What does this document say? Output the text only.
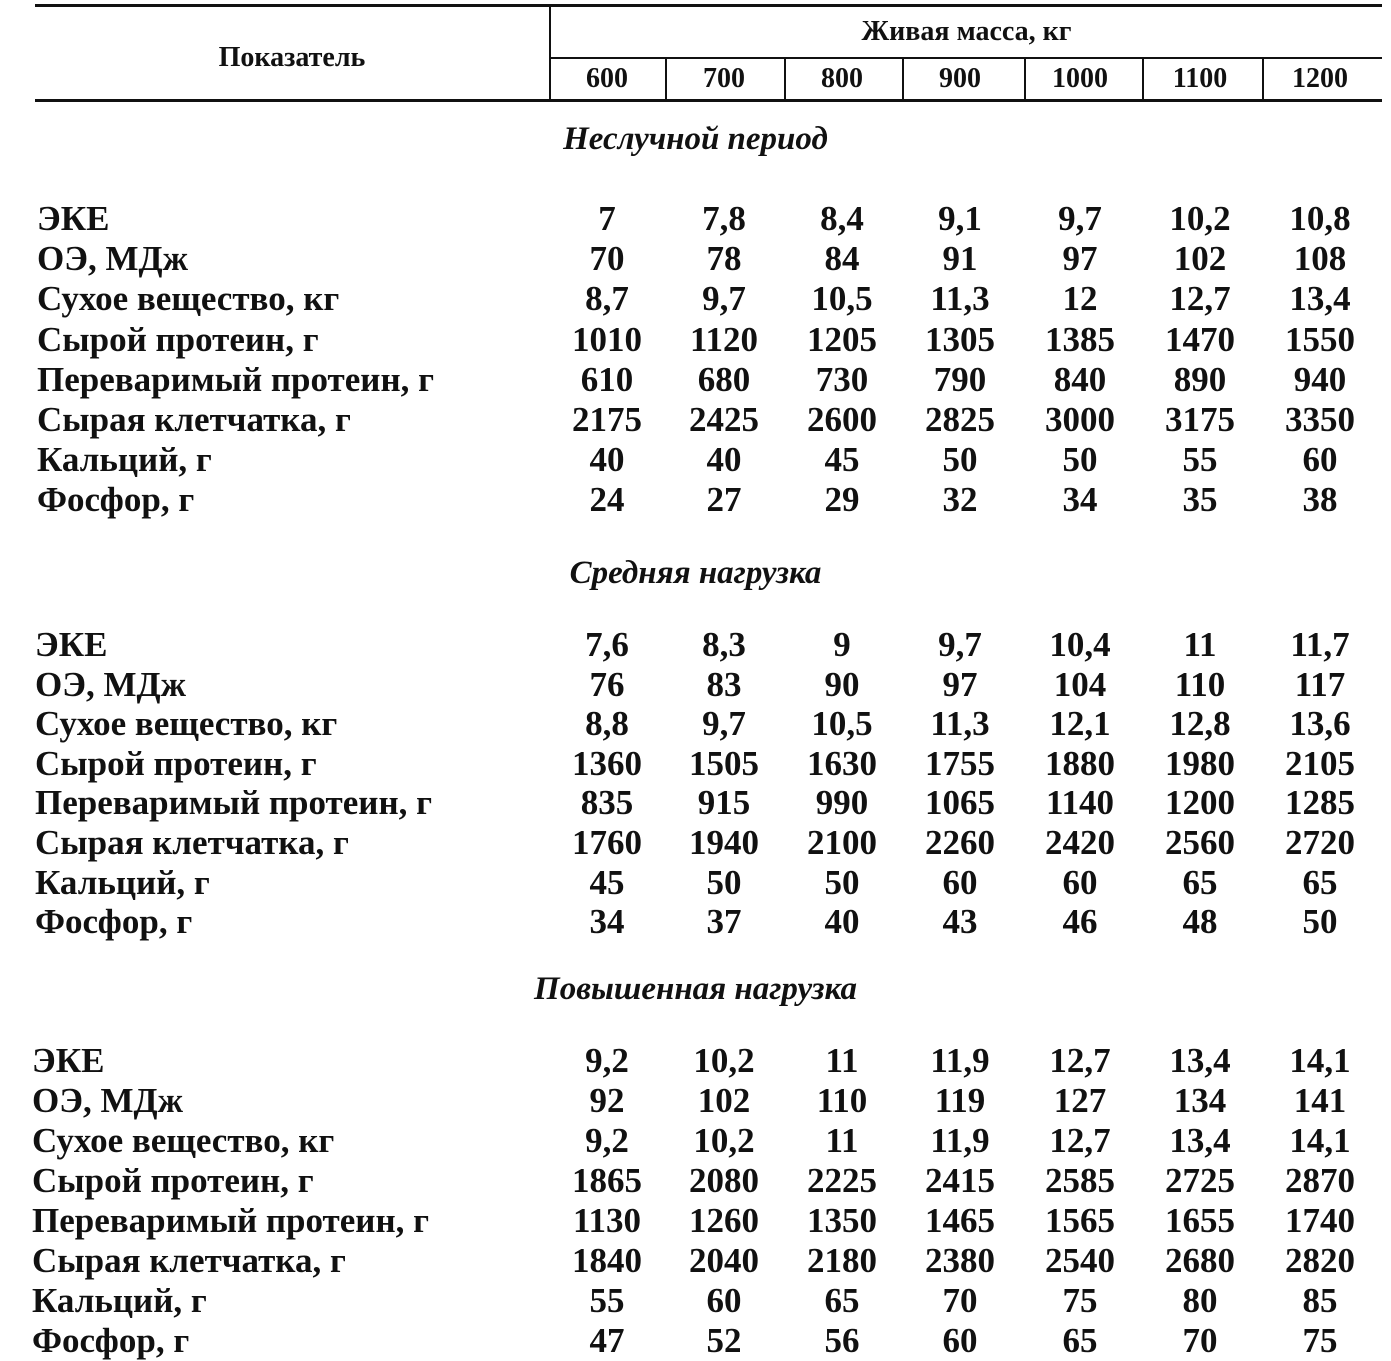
Показатель
Живая масса, кг
600	700	800	900	1000	1100	1200
Неслучной период
ЭКЕ	7	7,8	8,4	9,1	9,7	10,2	10,8
ОЭ, МДж	70	78	84	91	97	102	108
Сухое вещество, кг	8,7	9,7	10,5	11,3	12	12,7	13,4
Сырой протеин, г	1010	1120	1205	1305	1385	1470	1550
Переваримый протеин, г	610	680	730	790	840	890	940
Сырая клетчатка, г	2175	2425	2600	2825	3000	3175	3350
Кальций, г	40	40	45	50	50	55	60
Фосфор, г	24	27	29	32	34	35	38
Средняя нагрузка
ЭКЕ	7,6	8,3	9	9,7	10,4	11	11,7
ОЭ, МДж	76	83	90	97	104	110	117
Сухое вещество, кг	8,8	9,7	10,5	11,3	12,1	12,8	13,6
Сырой протеин, г	1360	1505	1630	1755	1880	1980	2105
Переваримый протеин, г	835	915	990	1065	1140	1200	1285
Сырая клетчатка, г	1760	1940	2100	2260	2420	2560	2720
Кальций, г	45	50	50	60	60	65	65
Фосфор, г	34	37	40	43	46	48	50
Повышенная нагрузка
ЭКЕ	9,2	10,2	11	11,9	12,7	13,4	14,1
ОЭ, МДж	92	102	110	119	127	134	141
Сухое вещество, кг	9,2	10,2	11	11,9	12,7	13,4	14,1
Сырой протеин, г	1865	2080	2225	2415	2585	2725	2870
Переваримый протеин, г	1130	1260	1350	1465	1565	1655	1740
Сырая клетчатка, г	1840	2040	2180	2380	2540	2680	2820
Кальций, г	55	60	65	70	75	80	85
Фосфор, г	47	52	56	60	65	70	75
